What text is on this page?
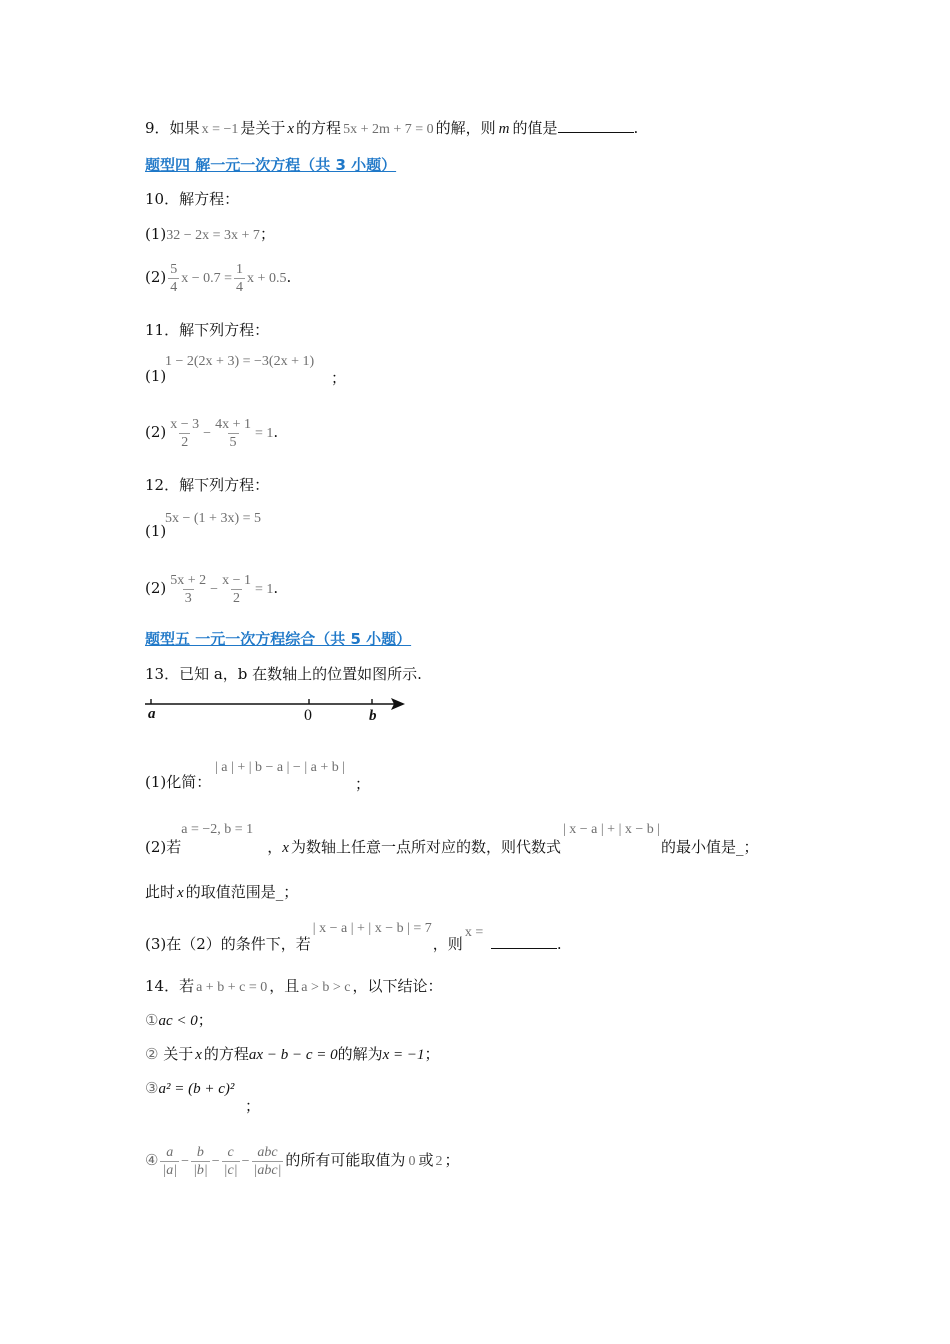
9．如果 x = −1 是关于 x 的方程 5x + 2m + 7 = 0 的解，则 m 的值是	.
题型四 解一元一次方程（共 3 小题）
10．解方程：
(1)32 − 2x = 3x + 7；
$(2) \frac{5}{4}$ $x - 0.7 = \frac{1}{4}$ x + 0.5.
11．解下列方程：
(1)
1 − 2(2x + 3) = −3(2x + 1)
；
$(2) \frac{x - 3}{2} - \frac{4x + 1}{5} = 1$.
12．解下列方程：
(1)
5x − (1 + 3x) = 5
$(2) \frac{5x + 2}{3} - \frac{x - 1}{2} = 1$.
题型五 一元一次方程综合（共 5 小题）
13．已知 a，b 在数轴上的位置如图所示.
a	0	b
(1)化简：
| a | + | b − a | − | a + b |
；
(2)若
a = −2, b = 1
，x 为数轴上任意一点所对应的数，则代数式
| x − a | + | x − b |
的最小值是_；
此时 x 的取值范围是_；
(3)在（2）的条件下，若
| x − a | + | x − b | = 7
，则
x =
.
14．若 a + b + c = 0 ，且 a > b > c ，以下结论：
①ac < 0；
② 关于 x 的方程ax − b − c = 0的解为x = −1；
③a² = (b + c)²
；
④ $\frac{a}{|a|} - \frac{b}{|b|} - \frac{c}{|c|} - \frac{\text{abc}}{\text{|abc|}}$ 的所有可能取值为 0 或 2 ；
